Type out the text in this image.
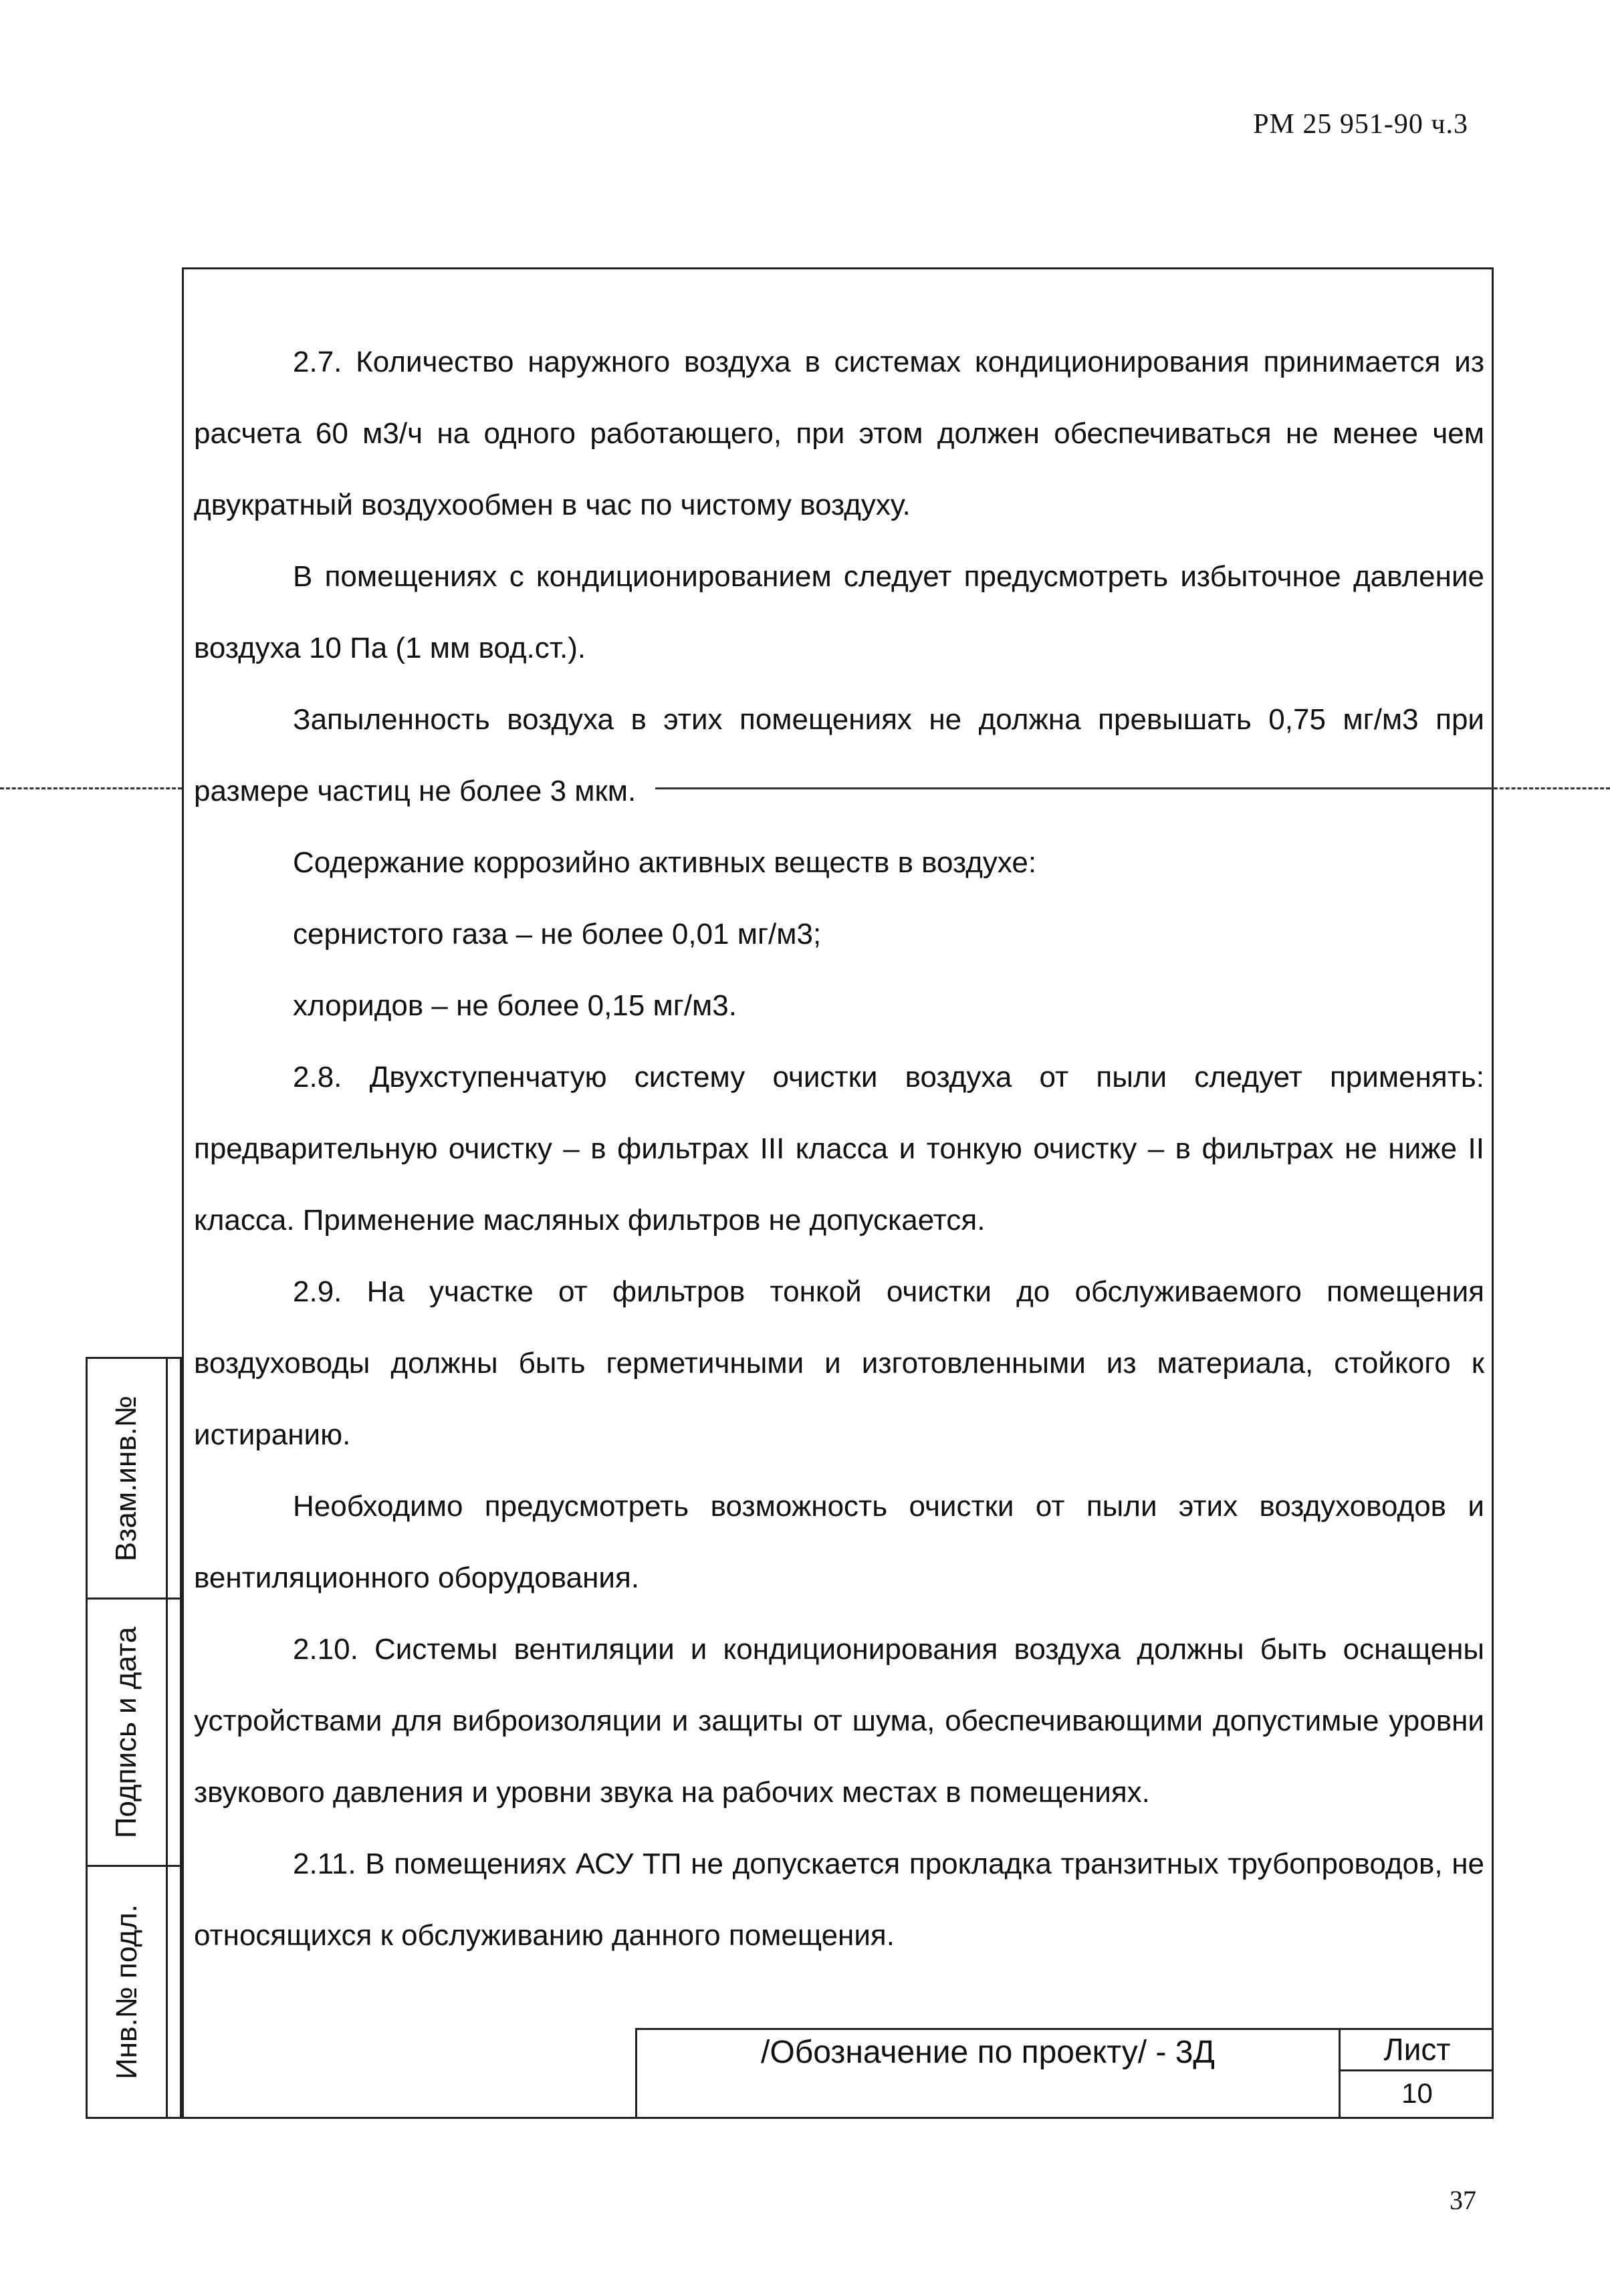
РМ 25 951-90 ч.3

2.7. Количество наружного воздуха в системах кондиционирования принимается из расчета 60 м3/ч на одного работающего, при этом должен обеспечиваться не менее чем двукратный воздухообмен в час по чистому воздуху.

В помещениях с кондиционированием следует предусмотреть избыточное давление воздуха 10 Па (1 мм вод.ст.).

Запыленность воздуха в этих помещениях не должна превышать 0,75 мг/м3 при размере частиц не более 3 мкм.

Содержание коррозийно активных веществ в воздухе:

сернистого газа – не более 0,01 мг/м3;

хлоридов – не более 0,15 мг/м3.

2.8. Двухступенчатую систему очистки воздуха от пыли следует применять: предварительную очистку – в фильтрах III класса и тонкую очистку – в фильтрах не ниже II класса. Применение масляных фильтров не допускается.

2.9. На участке от фильтров тонкой очистки до обслуживаемого помещения воздуховоды должны быть герметичными и изготовленными из материала, стойкого к истиранию.

Необходимо предусмотреть возможность очистки от пыли этих воздуховодов и вентиляционного оборудования.

2.10. Системы вентиляции и кондиционирования воздуха должны быть оснащены устройствами для виброизоляции и защиты от шума, обеспечивающими допустимые уровни звукового давления и уровни звука на рабочих местах в помещениях.

2.11. В помещениях АСУ ТП не допускается прокладка транзитных трубопроводов, не относящихся к обслуживанию данного помещения.

Взам.инв.№
Подпись и дата
Инв.№ подл.	/Обозначение по проекту/ - 3Д	Лист
10
37
